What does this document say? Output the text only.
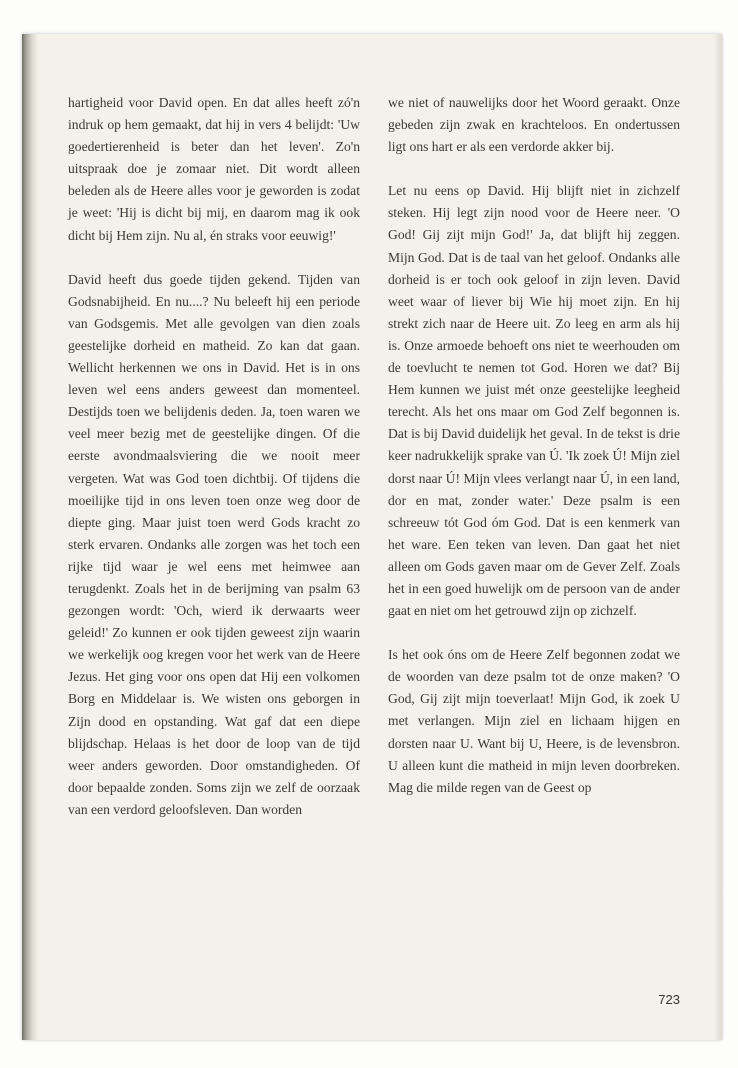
hartigheid voor David open. En dat alles heeft zó'n indruk op hem gemaakt, dat hij in vers 4 belijdt: 'Uw goedertierenheid is beter dan het leven'. Zo'n uitspraak doe je zomaar niet. Dit wordt alleen beleden als de Heere alles voor je geworden is zodat je weet: 'Hij is dicht bij mij, en daarom mag ik ook dicht bij Hem zijn. Nu al, én straks voor eeuwig!'

David heeft dus goede tijden gekend. Tijden van Godsnabijheid. En nu....? Nu beleeft hij een periode van Godsgemis. Met alle gevolgen van dien zoals geestelijke dorheid en matheid. Zo kan dat gaan. Wellicht herkennen we ons in David. Het is in ons leven wel eens anders geweest dan momenteel. Destijds toen we belijdenis deden. Ja, toen waren we veel meer bezig met de geestelijke dingen. Of die eerste avondmaalsviering die we nooit meer vergeten. Wat was God toen dichtbij. Of tijdens die moeilijke tijd in ons leven toen onze weg door de diepte ging. Maar juist toen werd Gods kracht zo sterk ervaren. Ondanks alle zorgen was het toch een rijke tijd waar je wel eens met heimwee aan terugdenkt. Zoals het in de berijming van psalm 63 gezongen wordt: 'Och, wierd ik derwaarts weer geleid!' Zo kunnen er ook tijden geweest zijn waarin we werkelijk oog kregen voor het werk van de Heere Jezus. Het ging voor ons open dat Hij een volkomen Borg en Middelaar is. We wisten ons geborgen in Zijn dood en opstanding. Wat gaf dat een diepe blijdschap. Helaas is het door de loop van de tijd weer anders geworden. Door omstandigheden. Of door bepaalde zonden. Soms zijn we zelf de oorzaak van een verdord geloofsleven. Dan worden

we niet of nauwelijks door het Woord geraakt. Onze gebeden zijn zwak en krachteloos. En ondertussen ligt ons hart er als een verdorde akker bij.

Let nu eens op David. Hij blijft niet in zichzelf steken. Hij legt zijn nood voor de Heere neer. 'O God! Gij zijt mijn God!' Ja, dat blijft hij zeggen. Mijn God. Dat is de taal van het geloof. Ondanks alle dorheid is er toch ook geloof in zijn leven. David weet waar of liever bij Wie hij moet zijn. En hij strekt zich naar de Heere uit. Zo leeg en arm als hij is. Onze armoede behoeft ons niet te weerhouden om de toevlucht te nemen tot God. Horen we dat? Bij Hem kunnen we juist mét onze geestelijke leegheid terecht. Als het ons maar om God Zelf begonnen is. Dat is bij David duidelijk het geval. In de tekst is drie keer nadrukkelijk sprake van Ú. 'Ik zoek Ú! Mijn ziel dorst naar Ú! Mijn vlees verlangt naar Ú, in een land, dor en mat, zonder water.' Deze psalm is een schreeuw tót God óm God. Dat is een kenmerk van het ware. Een teken van leven. Dan gaat het niet alleen om Gods gaven maar om de Gever Zelf. Zoals het in een goed huwelijk om de persoon van de ander gaat en niet om het getrouwd zijn op zichzelf.

Is het ook óns om de Heere Zelf begonnen zodat we de woorden van deze psalm tot de onze maken? 'O God, Gij zijt mijn toeverlaat! Mijn God, ik zoek U met verlangen. Mijn ziel en lichaam hijgen en dorsten naar U. Want bij U, Heere, is de levensbron. U alleen kunt die matheid in mijn leven doorbreken. Mag die milde regen van de Geest op

723
